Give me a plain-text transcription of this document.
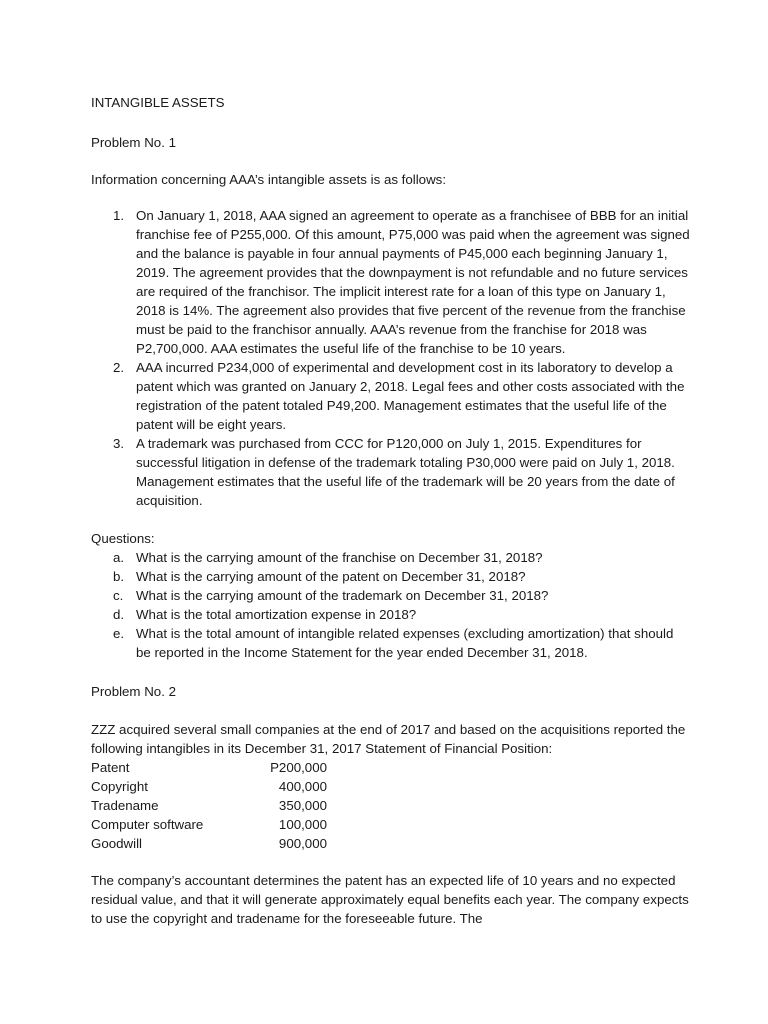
INTANGIBLE ASSETS

Problem No. 1

Information concerning AAA’s intangible assets is as follows:

1. On January 1, 2018, AAA signed an agreement to operate as a franchisee of BBB for an initial franchise fee of P255,000. Of this amount, P75,000 was paid when the agreement was signed and the balance is payable in four annual payments of P45,000 each beginning January 1, 2019. The agreement provides that the downpayment is not refundable and no future services are required of the franchisor. The implicit interest rate for a loan of this type on January 1, 2018 is 14%. The agreement also provides that five percent of the revenue from the franchise must be paid to the franchisor annually. AAA’s revenue from the franchise for 2018 was P2,700,000. AAA estimates the useful life of the franchise to be 10 years.
2. AAA incurred P234,000 of experimental and development cost in its laboratory to develop a patent which was granted on January 2, 2018. Legal fees and other costs associated with the registration of the patent totaled P49,200. Management estimates that the useful life of the patent will be eight years.
3. A trademark was purchased from CCC for P120,000 on July 1, 2015. Expenditures for successful litigation in defense of the trademark totaling P30,000 were paid on July 1, 2018. Management estimates that the useful life of the trademark will be 20 years from the date of acquisition.

Questions:

a. What is the carrying amount of the franchise on December 31, 2018?
b. What is the carrying amount of the patent on December 31, 2018?
c. What is the carrying amount of the trademark on December 31, 2018?
d. What is the total amortization expense in 2018?
e. What is the total amount of intangible related expenses (excluding amortization) that should be reported in the Income Statement for the year ended December 31, 2018.

Problem No. 2

ZZZ acquired several small companies at the end of 2017 and based on the acquisitions reported the following intangibles in its December 31, 2017 Statement of Financial Position:

Patent	P200,000
Copyright	400,000
Tradename	350,000
Computer software	100,000
Goodwill	900,000

The company’s accountant determines the patent has an expected life of 10 years and no expected residual value, and that it will generate approximately equal benefits each year. The company expects to use the copyright and tradename for the foreseeable future. The
